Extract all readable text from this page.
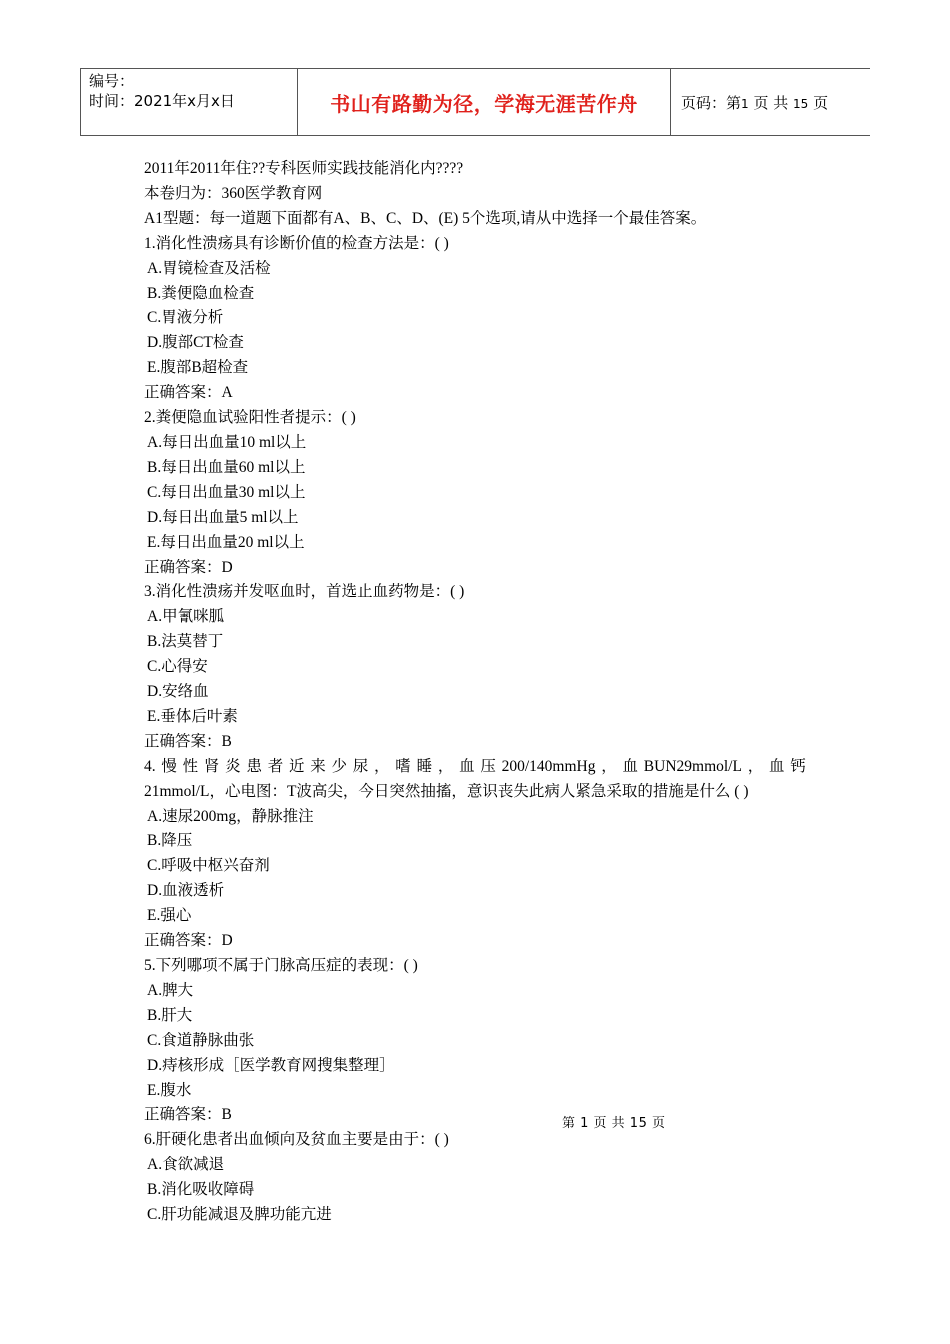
编号：
时间：2021年x月x日	书山有路勤为径，学海无涯苦作舟	页码：第1 页 共 15 页
2011年2011年住??专科医师实践技能消化内????
本卷归为：360医学教育网
A1型题：每一道题下面都有A、B、C、D、(E) 5个选项,请从中选择一个最佳答案。
1.消化性溃疡具有诊断价值的检查方法是：( )
A.胃镜检查及活检
B.粪便隐血检查
C.胃液分析
D.腹部CT检查
E.腹部B超检查
正确答案：A
2.粪便隐血试验阳性者提示：( )
A.每日出血量10 ml以上
B.每日出血量60 ml以上
C.每日出血量30 ml以上
D.每日出血量5 ml以上
E.每日出血量20 ml以上
正确答案：D
3.消化性溃疡并发呕血时，首选止血药物是：( )
A.甲氰咪胍
B.法莫替丁
C.心得安
D.安络血
E.垂体后叶素
正确答案：B
4. 慢 性 肾 炎 患 者 近 来 少 尿 ， 嗜 睡 ， 血 压 200/140mmHg ， 血 BUN29mmol/L ， 血 钙
21mmol/L，心电图：T波高尖，今日突然抽搐，意识丧失此病人紧急采取的措施是什么 ( )
A.速尿200mg，静脉推注
B.降压
C.呼吸中枢兴奋剂
D.血液透析
E.强心
正确答案：D
5.下列哪项不属于门脉高压症的表现：( )
A.脾大
B.肝大
C.食道静脉曲张
D.痔核形成［医学教育网搜集整理］
E.腹水
正确答案：B
6.肝硬化患者出血倾向及贫血主要是由于：( )
A.食欲减退
B.消化吸收障碍
C.肝功能减退及脾功能亢进
第 1 页 共 15 页
